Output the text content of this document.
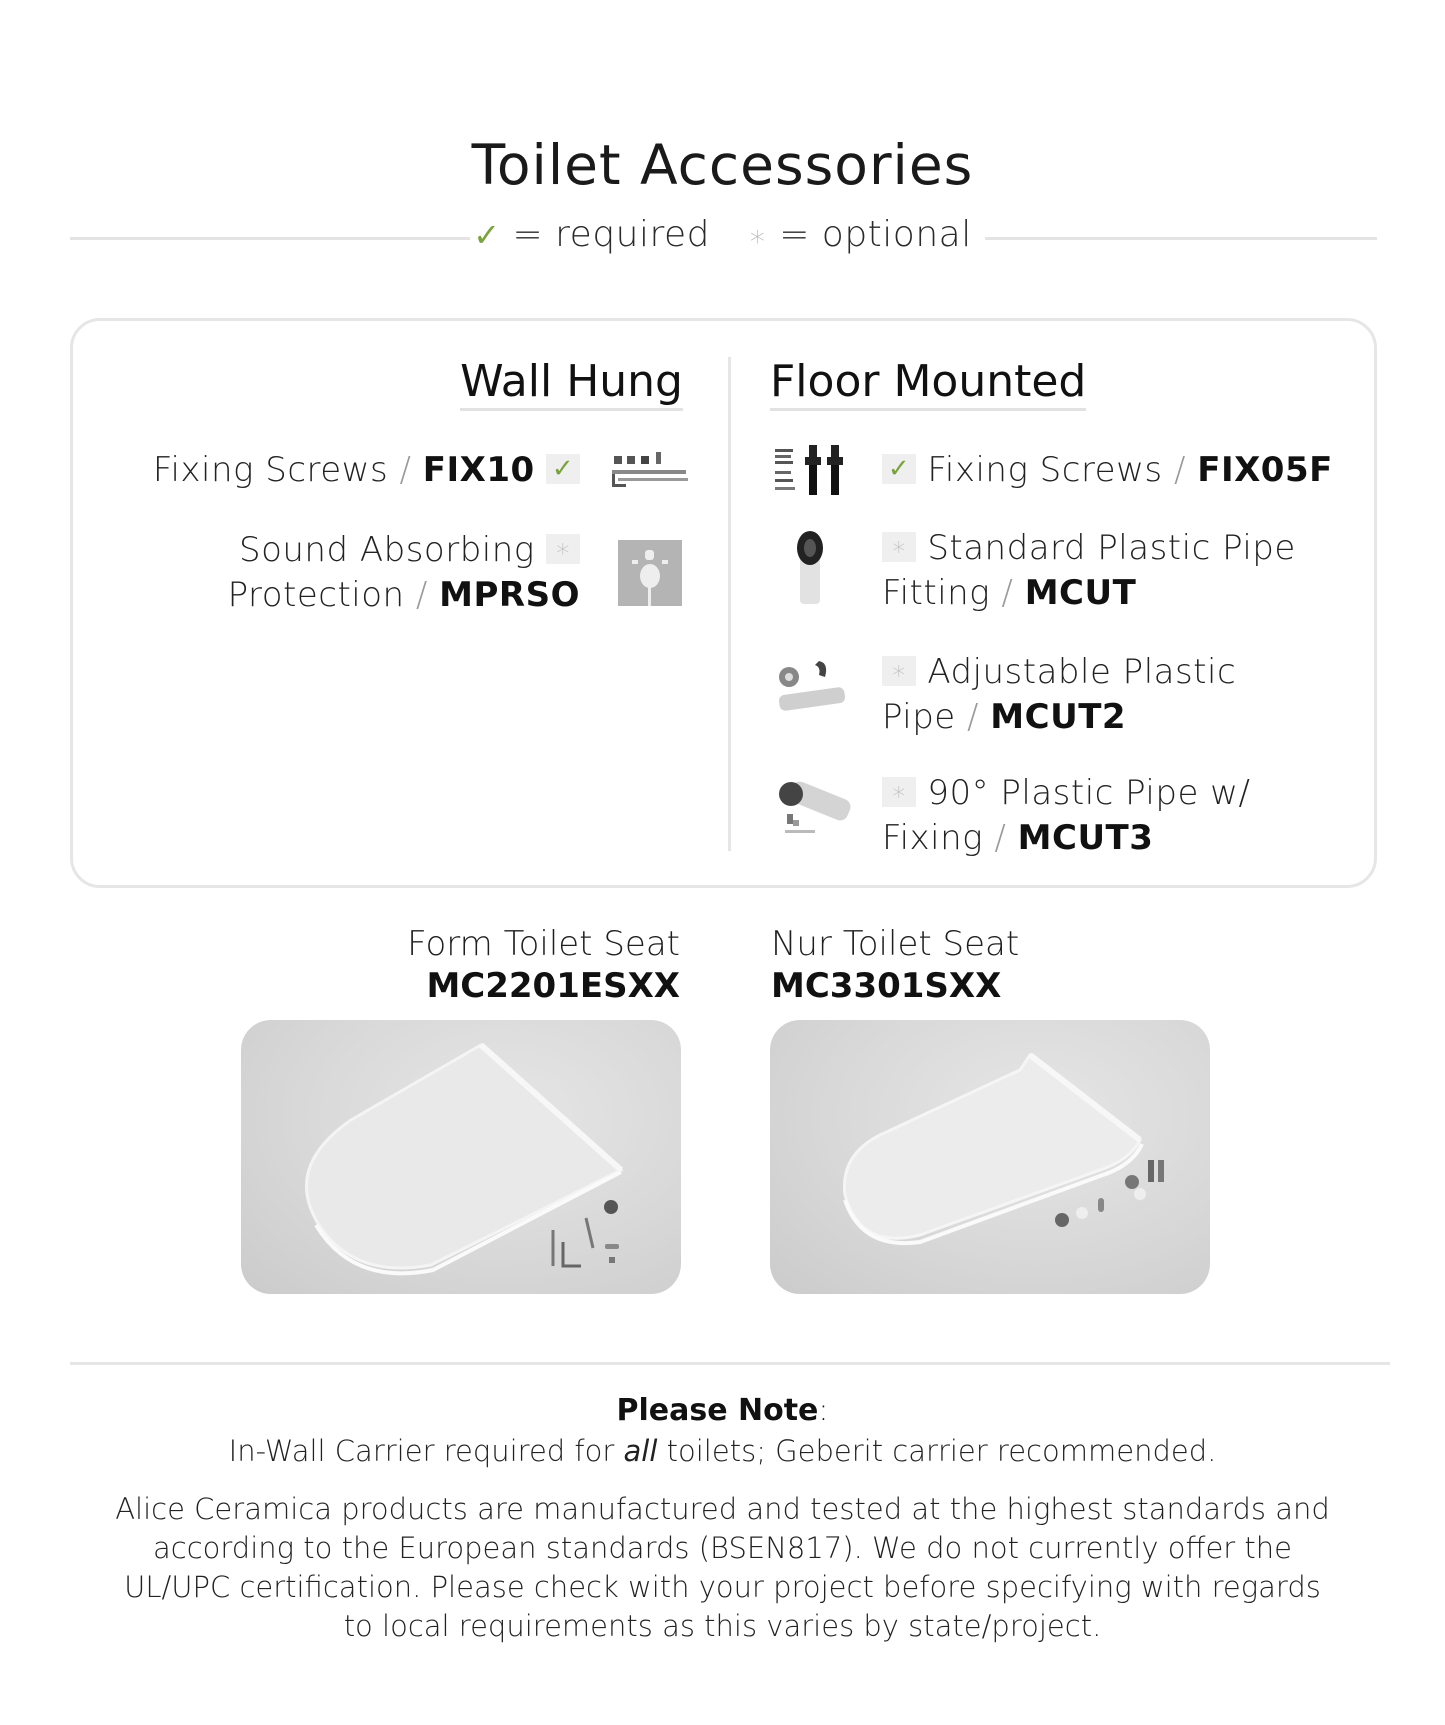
Toilet Accessories
✓ = required ∗ = optional
Wall Hung
Fixing Screws / FIX10 ✓
Sound Absorbing ∗
Protection / MPRSO
Floor Mounted
✓ Fixing Screws / FIX05F
∗ Standard Plastic Pipe
Fitting / MCUT
∗ Adjustable Plastic
Pipe / MCUT2
∗ 90° Plastic Pipe w/
Fixing / MCUT3
Form Toilet Seat
MC2201ESXX
Nur Toilet Seat
MC3301SXX
Please Note:
In-Wall Carrier required for all toilets; Geberit carrier recommended.
Alice Ceramica products are manufactured and tested at the highest standards and according to the European standards (BSEN817). We do not currently offer the UL/UPC certification. Please check with your project before specifying with regards to local requirements as this varies by state/project.
